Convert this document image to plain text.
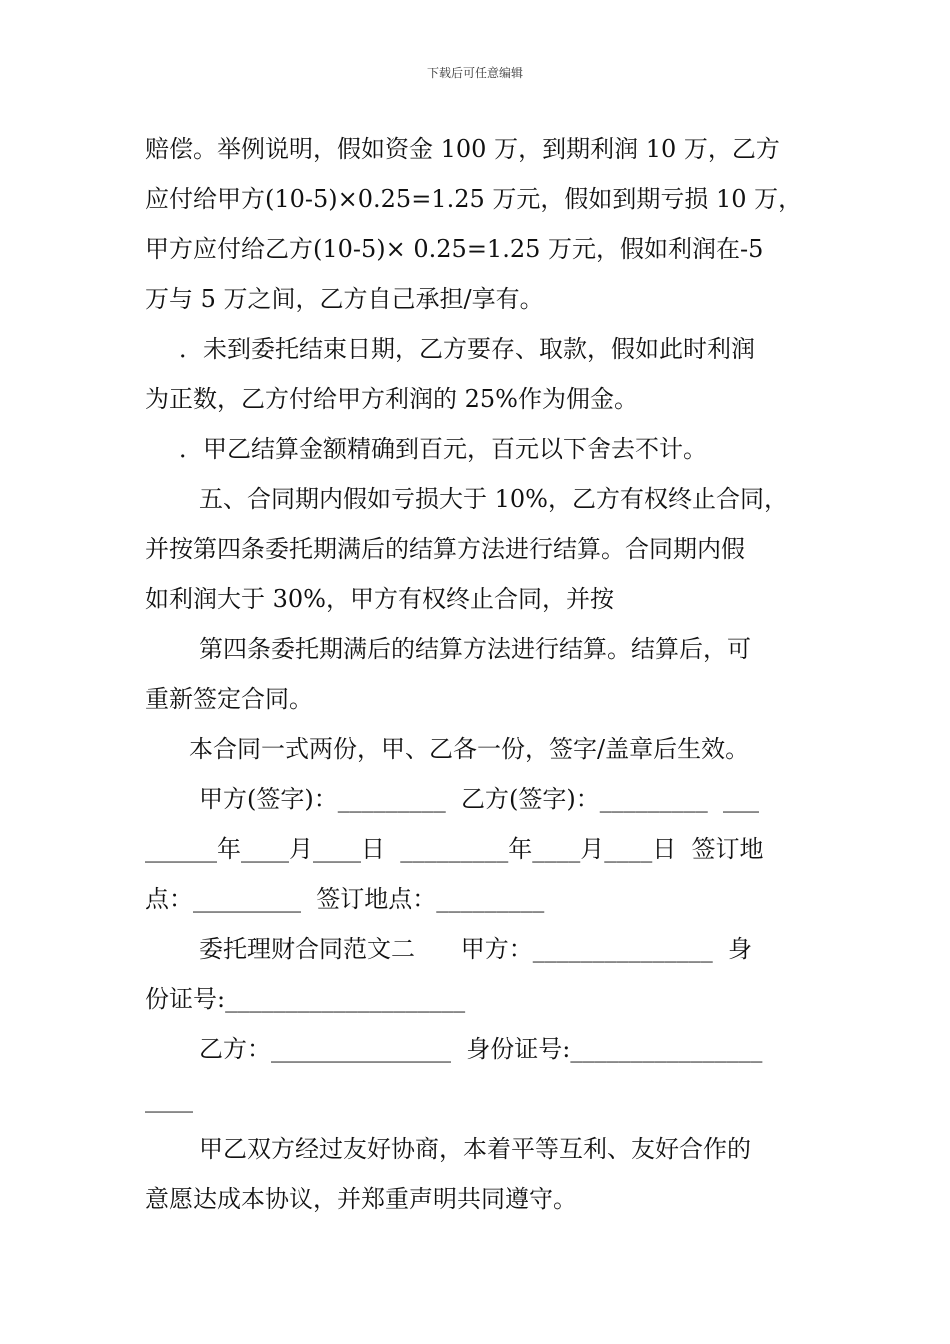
下载后可任意编辑

赔偿。举例说明，假如资金 100 万，到期利润 10 万，乙方

应付给甲方(10-5)×0.25=1.25 万元，假如到期亏损 10 万，

甲方应付给乙方(10-5)× 0.25=1.25 万元，假如利润在-5

万与 5 万之间，乙方自己承担/享有。

．未到委托结束日期，乙方要存、取款，假如此时利润

为正数，乙方付给甲方利润的 25%作为佣金。

．甲乙结算金额精确到百元，百元以下舍去不计。

五、合同期内假如亏损大于 10%，乙方有权终止合同，

并按第四条委托期满后的结算方法进行结算。合同期内假

如利润大于 30%，甲方有权终止合同，并按

第四条委托期满后的结算方法进行结算。结算后，可

重新签定合同。

本合同一式两份，甲、乙各一份，签字/盖章后生效。

甲方(签字)：_________  乙方(签字)：_________  ___

______年____月____日  _________年____月____日  签订地

点：_________  签订地点：_________

委托理财合同范文二      甲方：_______________  身

份证号:____________________

乙方：_______________  身份证号:________________

____

甲乙双方经过友好协商，本着平等互利、友好合作的

意愿达成本协议，并郑重声明共同遵守。
